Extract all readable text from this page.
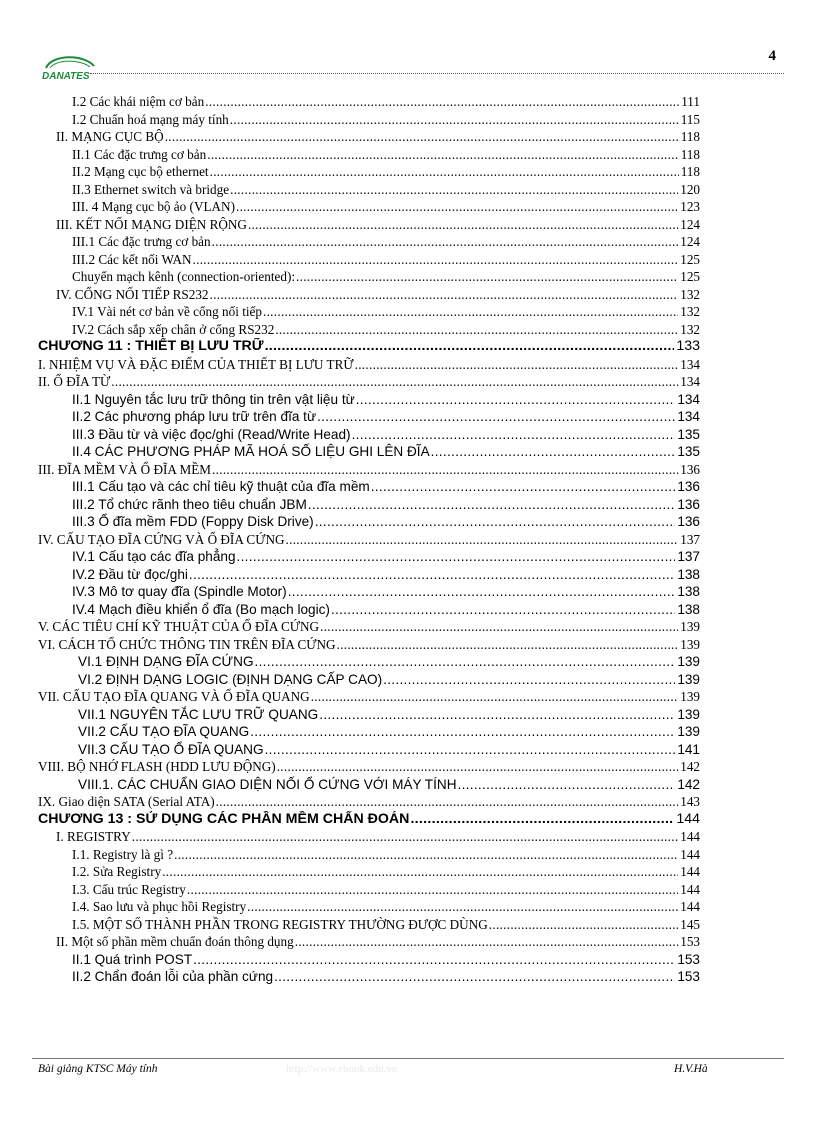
DANATES
4
I.2 Các khái niệm cơ bản .....	111
I.2 Chuẩn hoá mạng máy tính .....	115
II. MẠNG CỤC BỘ .....	118
II.1 Các đặc trưng cơ bản .....	118
II.2 Mạng cục bộ ethernet .....	118
II.3 Ethernet switch và bridge .....	120
III. 4 Mạng cục bộ ảo (VLAN) .....	123
III. KẾT NỐI MẠNG DIỆN RỘNG .....	124
III.1 Các đặc trưng cơ bản .....	124
III.2 Các kết nối WAN .....	125
Chuyển mạch kênh (connection-oriented): .....	125
IV. CỔNG NỐI TIẾP RS232 .....	132
IV.1 Vài nét cơ bản về cổng nối tiếp .....	132
IV.2 Cách sắp xếp chân ở cổng RS232 .....	132
CHƯƠNG 11 : THIẾT BỊ LƯU TRỮ .....	133
I. NHIỆM VỤ VÀ ĐẶC ĐIỂM CỦA THIẾT BỊ LƯU TRỮ .....	134
II. Ổ ĐĨA TỪ .....	134
II.1 Nguyên tắc lưu trữ thông tin trên vật liệu từ .....	134
II.2 Các phương pháp lưu trữ trên đĩa từ .....	134
III.3 Đầu từ và việc đọc/ghi (Read/Write Head) .....	135
II.4 CÁC PHƯƠNG PHÁP MÃ HOÁ SỐ LIỆU GHI LÊN ĐĨA .....	135
III. ĐĨA MỀM VÀ Ổ ĐĨA MỀM .....	136
III.1 Cấu tạo và các chỉ tiêu kỹ thuật của đĩa mềm .....	136
III.2 Tổ chức rãnh theo tiêu chuẩn JBM .....	136
III.3 Ổ đĩa mềm FDD (Foppy Disk Drive) .....	136
IV. CẤU TẠO ĐĨA CỨNG VÀ Ổ ĐĨA CỨNG .....	137
IV.1 Cấu tạo các đĩa phẳng .....	137
IV.2 Đầu từ đọc/ghi .....	138
IV.3 Mô tơ quay đĩa (Spindle Motor) .....	138
IV.4 Mạch điều khiển ổ đĩa (Bo mạch logic) .....	138
V. CÁC TIÊU CHÍ KỸ THUẬT CỦA Ổ ĐĨA CỨNG .....	139
VI. CÁCH TỔ CHỨC THÔNG TIN TRÊN ĐĨA CỨNG .....	139
VI.1 ĐỊNH DẠNG ĐĨA CỨNG .....	139
VI.2 ĐỊNH DẠNG LOGIC (ĐỊNH DẠNG CẤP CAO) .....	139
VII. CẤU TẠO ĐĨA QUANG VÀ Ổ ĐĨA QUANG .....	139
VII.1 NGUYÊN TẮC LƯU TRỮ QUANG .....	139
VII.2 CẤU TẠO ĐĨA QUANG .....	139
VII.3 CẤU TẠO Ổ ĐĨA QUANG .....	141
VIII. BỘ NHỚ FLASH (HDD LƯU ĐỘNG) .....	142
VIII.1. CÁC CHUẨN GIAO DIỆN NỐI Ổ CỨNG VỚI MÁY TÍNH .....	142
IX. Giao diện SATA (Serial ATA) .....	143
CHƯƠNG 13 : SỬ DỤNG CÁC PHẦN MỀM CHẨN ĐOÁN .....	144
I. REGISTRY .....	144
I.1. Registry là gì ? .....	144
I.2. Sửa Registry .....	144
I.3. Cấu trúc Registry .....	144
I.4. Sao lưu và phục hồi Registry .....	144
I.5. MỘT SỐ THÀNH PHẦN TRONG REGISTRY THƯỜNG ĐƯỢC DÙNG .....	145
II. Một số phần mềm chuẩn đoán thông dụng .....	153
II.1 Quá trình POST .....	153
II.2 Chẩn đoán lỗi của phần cứng .....	153
Bài giảng KTSC Máy tính	http://www.ebook.edu.vn	H.V.Hà
